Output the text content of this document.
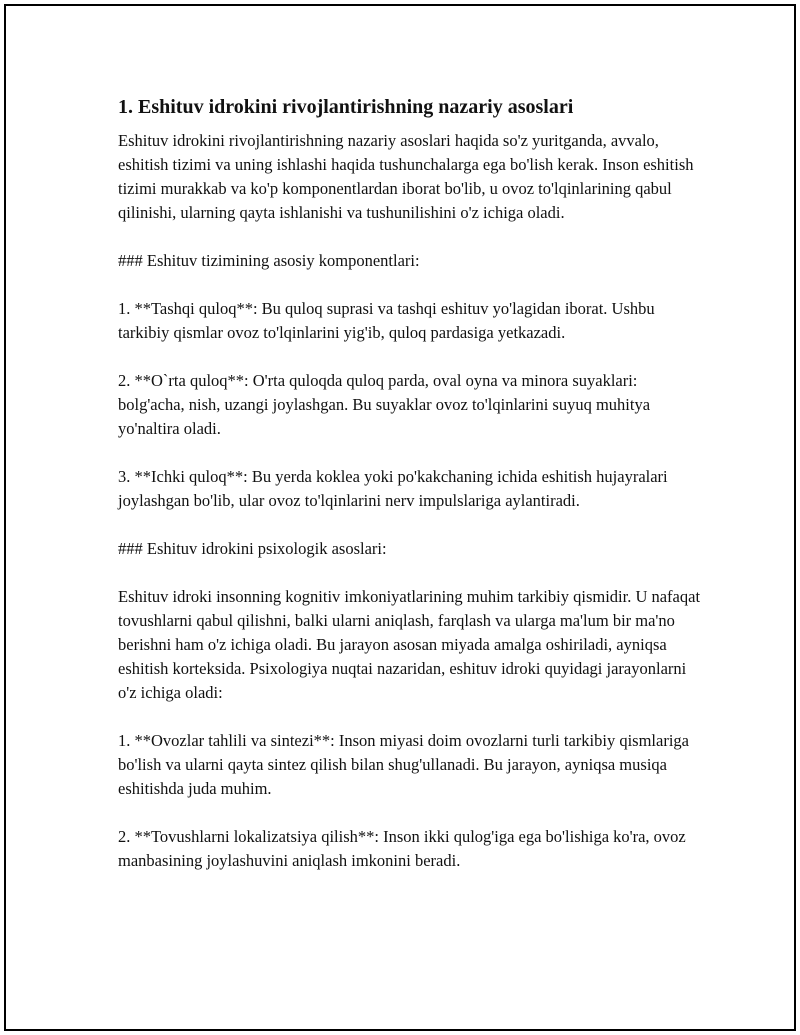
1. Eshituv idrokini rivojlantirishning nazariy asoslari

Eshituv idrokini rivojlantirishning nazariy asoslari haqida so'z yuritganda, avvalo, eshitish tizimi va uning ishlashi haqida tushunchalarga ega bo'lish kerak. Inson eshitish tizimi murakkab va ko'p komponentlardan iborat bo'lib, u ovoz to'lqinlarining qabul qilinishi, ularning qayta ishlanishi va tushunilishini o'z ichiga oladi.

### Eshituv tizimining asosiy komponentlari:

1. **Tashqi quloq**: Bu quloq suprasi va tashqi eshituv yo'lagidan iborat. Ushbu tarkibiy qismlar ovoz to'lqinlarini yig'ib, quloq pardasiga yetkazadi.

2. **O`rta quloq**: O'rta quloqda quloq parda, oval oyna va minora suyaklari: bolg'acha, nish, uzangi joylashgan. Bu suyaklar ovoz to'lqinlarini suyuq muhitya yo'naltira oladi.

3. **Ichki quloq**: Bu yerda koklea yoki po'kakchaning ichida eshitish hujayralari joylashgan bo'lib, ular ovoz to'lqinlarini nerv impulslariga aylantiradi.

### Eshituv idrokini psixologik asoslari:

Eshituv idroki insonning kognitiv imkoniyatlarining muhim tarkibiy qismidir. U nafaqat tovushlarni qabul qilishni, balki ularni aniqlash, farqlash va ularga ma'lum bir ma'no berishni ham o'z ichiga oladi. Bu jarayon asosan miyada amalga oshiriladi, ayniqsa eshitish korteksida. Psixologiya nuqtai nazaridan, eshituv idroki quyidagi jarayonlarni o'z ichiga oladi:

1. **Ovozlar tahlili va sintezi**: Inson miyasi doim ovozlarni turli tarkibiy qismlariga bo'lish va ularni qayta sintez qilish bilan shug'ullanadi. Bu jarayon, ayniqsa musiqa eshitishda juda muhim.

2. **Tovushlarni lokalizatsiya qilish**: Inson ikki qulog'iga ega bo'lishiga ko'ra, ovoz manbasining joylashuvini aniqlash imkonini beradi.
